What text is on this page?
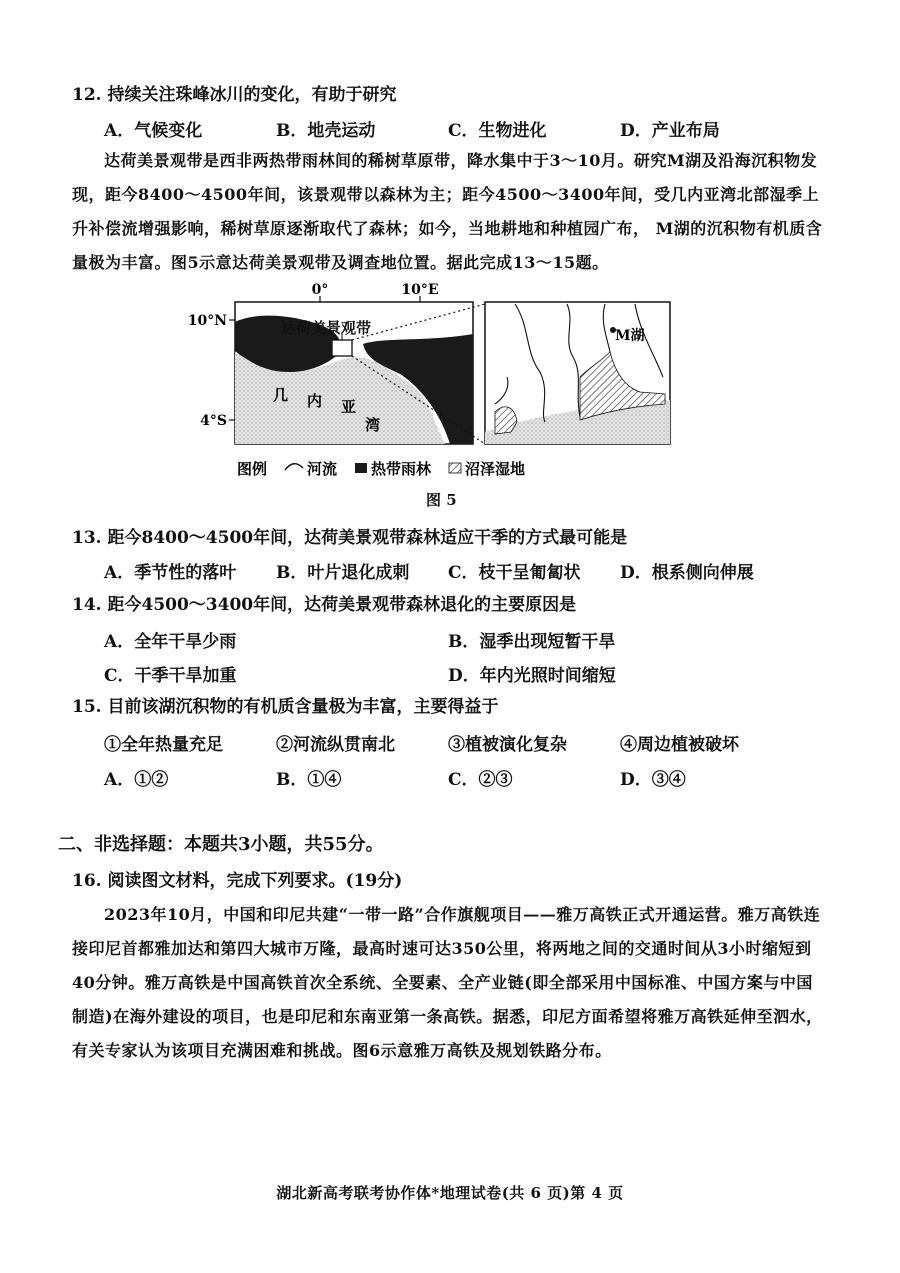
12. 持续关注珠峰冰川的变化，有助于研究
A．气候变化	B．地壳运动	C．生物进化	D．产业布局
达荷美景观带是西非两热带雨林间的稀树草原带，降水集中于3～10月。研究M湖及沿海沉积物发现，距今8400～4500年间，该景观带以森林为主；距今4500～3400年间，受几内亚湾北部湿季上升补偿流增强影响，稀树草原逐渐取代了森林；如今，当地耕地和种植园广布， M湖的沉积物有机质含量极为丰富。图5示意达荷美景观带及调查地位置。据此完成13～15题。
0°	10°E
10°N
4°S
达荷美景观带
几 内 亚
湾
M湖
图例	河流 热带雨林 沼泽湿地
图 5
13. 距今8400～4500年间，达荷美景观带森林适应干季的方式最可能是
A．季节性的落叶 B．叶片退化成刺 C．枝干呈匍匐状 D．根系侧向伸展
14. 距今4500～3400年间，达荷美景观带森林退化的主要原因是
A．全年干旱少雨	B．湿季出现短暂干旱
C．干季干旱加重	D．年内光照时间缩短
15. 目前该湖沉积物的有机质含量极为丰富，主要得益于
①全年热量充足	②河流纵贯南北	③植被演化复杂	④周边植被破坏
A．①②	B．①④	C．②③	D．③④
二、非选择题：本题共3小题，共55分。
16. 阅读图文材料，完成下列要求。(19分)
2023年10月，中国和印尼共建“一带一路”合作旗舰项目——雅万高铁正式开通运营。雅万高铁连接印尼首都雅加达和第四大城市万隆，最高时速可达350公里，将两地之间的交通时间从3小时缩短到40分钟。雅万高铁是中国高铁首次全系统、全要素、全产业链(即全部采用中国标准、中国方案与中国制造)在海外建设的项目，也是印尼和东南亚第一条高铁。据悉，印尼方面希望将雅万高铁延伸至泗水，有关专家认为该项目充满困难和挑战。图6示意雅万高铁及规划铁路分布。
湖北新高考联考协作体*地理试卷(共 6 页)第 4 页
